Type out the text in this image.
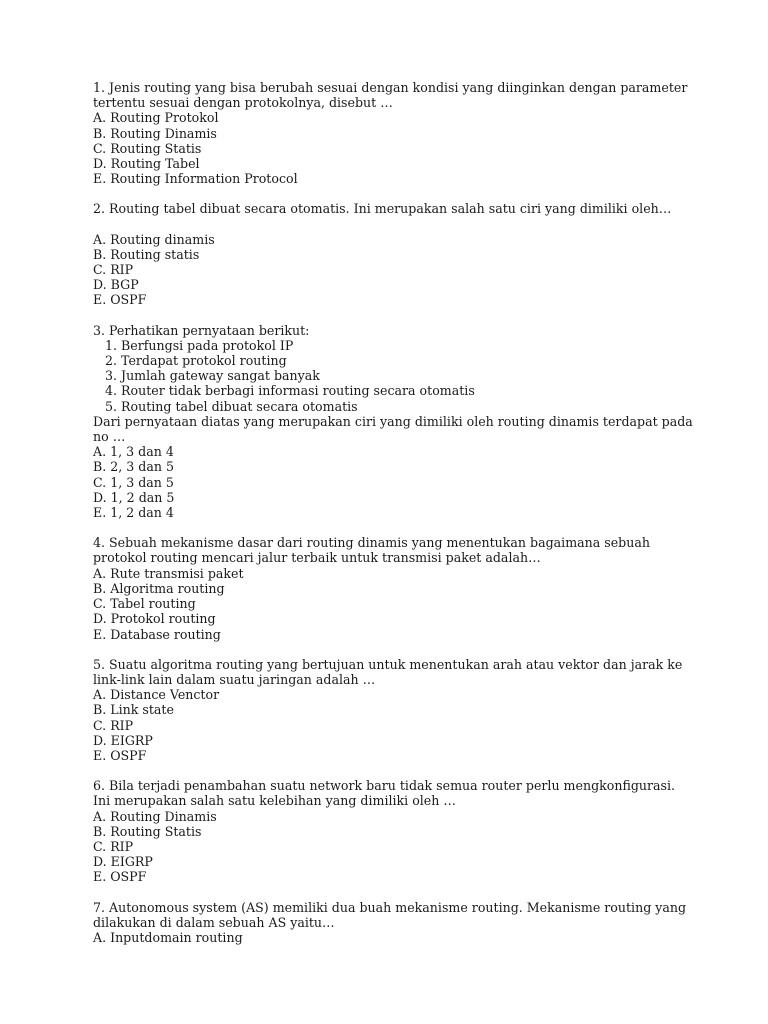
1. Jenis routing yang bisa berubah sesuai dengan kondisi yang diinginkan dengan parameter tertentu sesuai dengan protokolnya, disebut …

A. Routing Protokol
B. Routing Dinamis
C. Routing Statis
D. Routing Tabel
E. Routing Information Protocol

2. Routing tabel dibuat secara otomatis. Ini merupakan salah satu ciri yang dimiliki oleh…

A. Routing dinamis
B. Routing statis
C. RIP
D. BGP
E. OSPF

3. Perhatikan pernyataan berikut:

1. Berfungsi pada protokol IP
2. Terdapat protokol routing
3. Jumlah gateway sangat banyak
4. Router tidak berbagi informasi routing secara otomatis
5. Routing tabel dibuat secara otomatis

Dari pernyataan diatas yang merupakan ciri yang dimiliki oleh routing dinamis terdapat pada no …

A. 1, 3 dan 4
B. 2, 3 dan 5
C. 1, 3 dan 5
D. 1, 2 dan 5
E. 1, 2 dan 4

4. Sebuah mekanisme dasar dari routing dinamis yang menentukan bagaimana sebuah protokol routing mencari jalur terbaik untuk transmisi paket adalah…

A. Rute transmisi paket
B. Algoritma routing
C. Tabel routing
D. Protokol routing
E. Database routing

5. Suatu algoritma routing yang bertujuan untuk menentukan arah atau vektor dan jarak ke link-link lain dalam suatu jaringan adalah …

A. Distance Venctor
B. Link state
C. RIP
D. EIGRP
E. OSPF

6. Bila terjadi penambahan suatu network baru tidak semua router perlu mengkonfigurasi. Ini merupakan salah satu kelebihan yang dimiliki oleh …

A. Routing Dinamis
B. Routing Statis
C. RIP
D. EIGRP
E. OSPF

7. Autonomous system (AS) memiliki dua buah mekanisme routing. Mekanisme routing yang dilakukan di dalam sebuah AS yaitu…

A. Inputdomain routing
